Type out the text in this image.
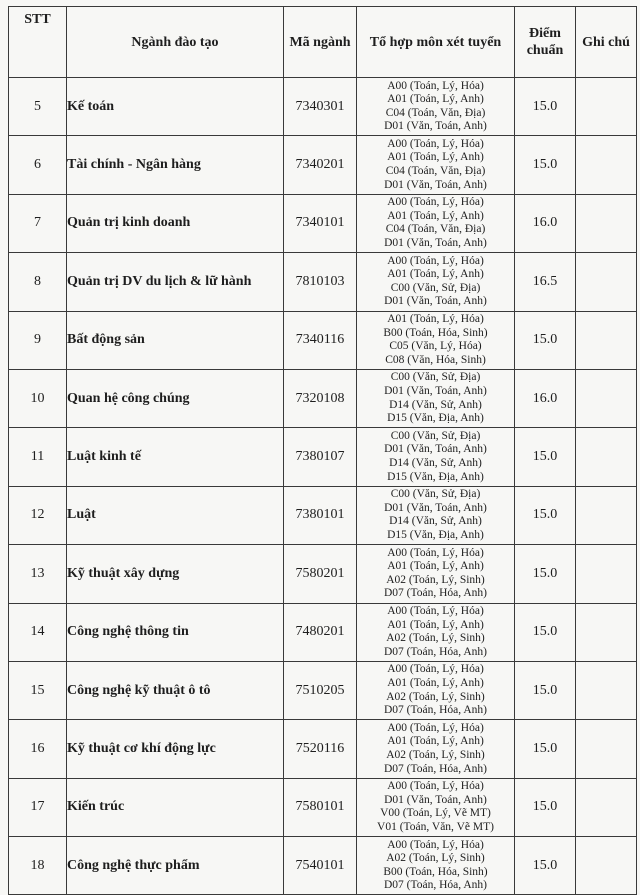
STT	Ngành đào tạo	Mã ngành	Tổ hợp môn xét tuyển	Điểm chuẩn	Ghi chú
5	Kế toán	7340301	A00 (Toán, Lý, Hóa)
A01 (Toán, Lý, Anh)
C04 (Toán, Văn, Địa)
D01 (Văn, Toán, Anh)	15.0	
6	Tài chính - Ngân hàng	7340201	A00 (Toán, Lý, Hóa)
A01 (Toán, Lý, Anh)
C04 (Toán, Văn, Địa)
D01 (Văn, Toán, Anh)	15.0	
7	Quản trị kinh doanh	7340101	A00 (Toán, Lý, Hóa)
A01 (Toán, Lý, Anh)
C04 (Toán, Văn, Địa)
D01 (Văn, Toán, Anh)	16.0	
8	Quản trị DV du lịch & lữ hành	7810103	A00 (Toán, Lý, Hóa)
A01 (Toán, Lý, Anh)
C00 (Văn, Sử, Địa)
D01 (Văn, Toán, Anh)	16.5	
9	Bất động sản	7340116	A01 (Toán, Lý, Hóa)
B00 (Toán, Hóa, Sinh)
C05 (Văn, Lý, Hóa)
C08 (Văn, Hóa, Sinh)	15.0	
10	Quan hệ công chúng	7320108	C00 (Văn, Sử, Địa)
D01 (Văn, Toán, Anh)
D14 (Văn, Sử, Anh)
D15 (Văn, Địa, Anh)	16.0	
11	Luật kinh tế	7380107	C00 (Văn, Sử, Địa)
D01 (Văn, Toán, Anh)
D14 (Văn, Sử, Anh)
D15 (Văn, Địa, Anh)	15.0	
12	Luật	7380101	C00 (Văn, Sử, Địa)
D01 (Văn, Toán, Anh)
D14 (Văn, Sử, Anh)
D15 (Văn, Địa, Anh)	15.0	
13	Kỹ thuật xây dựng	7580201	A00 (Toán, Lý, Hóa)
A01 (Toán, Lý, Anh)
A02 (Toán, Lý, Sinh)
D07 (Toán, Hóa, Anh)	15.0	
14	Công nghệ thông tin	7480201	A00 (Toán, Lý, Hóa)
A01 (Toán, Lý, Anh)
A02 (Toán, Lý, Sinh)
D07 (Toán, Hóa, Anh)	15.0	
15	Công nghệ kỹ thuật ô tô	7510205	A00 (Toán, Lý, Hóa)
A01 (Toán, Lý, Anh)
A02 (Toán, Lý, Sinh)
D07 (Toán, Hóa, Anh)	15.0	
16	Kỹ thuật cơ khí động lực	7520116	A00 (Toán, Lý, Hóa)
A01 (Toán, Lý, Anh)
A02 (Toán, Lý, Sinh)
D07 (Toán, Hóa, Anh)	15.0	
17	Kiến trúc	7580101	A00 (Toán, Lý, Hóa)
D01 (Văn, Toán, Anh)
V00 (Toán, Lý, Vẽ MT)
V01 (Toán, Văn, Vẽ MT)	15.0	
18	Công nghệ thực phẩm	7540101	A00 (Toán, Lý, Hóa)
A02 (Toán, Lý, Sinh)
B00 (Toán, Hóa, Sinh)
D07 (Toán, Hóa, Anh)	15.0	
